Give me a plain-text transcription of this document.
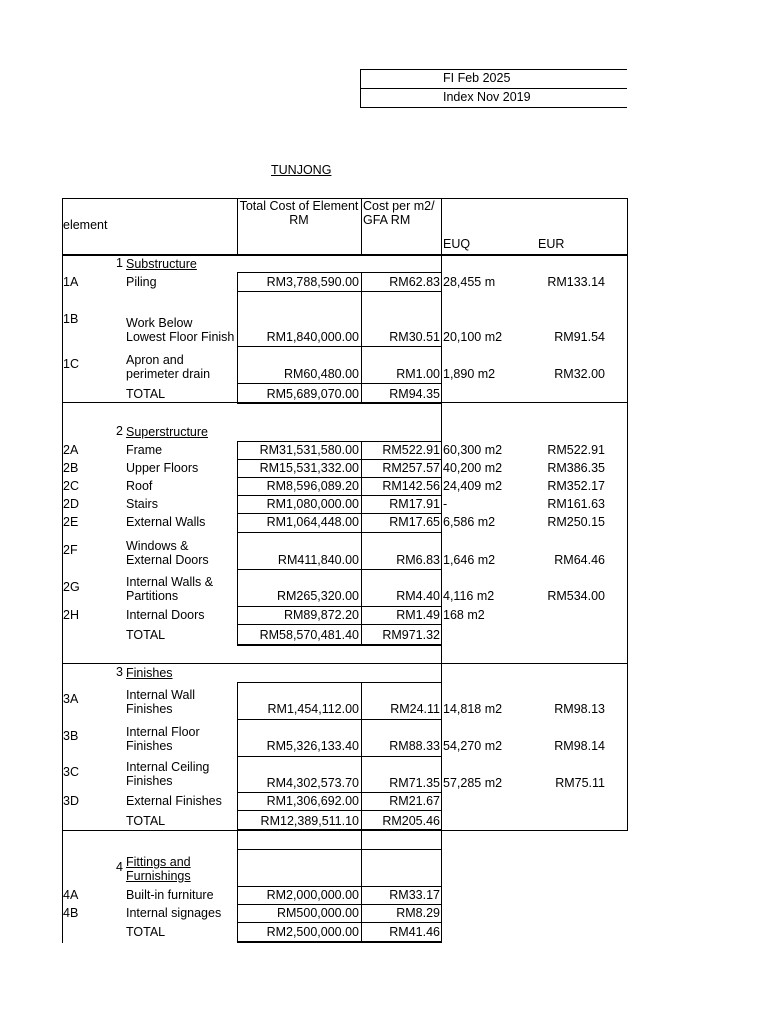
FI Feb 2025
Index Nov 2019
TUNJONG
element
Total Cost of Element
RM
Cost per m2/
GFA RM
EUQ	EUR
1 Substructure
1A	Piling	RM3,788,590.00	RM62.83 28,455 m	RM133.14
1B	Work Below
Lowest Floor Finish	RM1,840,000.00	RM30.51 20,100 m2	RM91.54
1C	Apron and
perimeter drain	RM60,480.00	RM1.00 1,890 m2	RM32.00
TOTAL	RM5,689,070.00	RM94.35
2 Superstructure
2A	Frame	RM31,531,580.00	RM522.91 60,300 m2	RM522.91
2B	Upper Floors	RM15,531,332.00	RM257.57 40,200 m2	RM386.35
2C	Roof	RM8,596,089.20	RM142.56 24,409 m2	RM352.17
2D	Stairs	RM1,080,000.00	RM17.91 -	RM161.63
2E	External Walls	RM1,064,448.00	RM17.65 6,586 m2	RM250.15
2F	Windows &
External Doors	RM411,840.00	RM6.83 1,646 m2	RM64.46
2G	Internal Walls &
Partitions	RM265,320.00	RM4.40 4,116 m2	RM534.00
2H	Internal Doors	RM89,872.20	RM1.49 168 m2
TOTAL	RM58,570,481.40	RM971.32
3 Finishes
3A	Internal Wall
Finishes	RM1,454,112.00	RM24.11 14,818 m2	RM98.13
3B	Internal Floor
Finishes	RM5,326,133.40	RM88.33 54,270 m2	RM98.14
3C	Internal Ceiling
Finishes	RM4,302,573.70	RM71.35 57,285 m2	RM75.11
3D	External Finishes	RM1,306,692.00	RM21.67
TOTAL	RM12,389,511.10	RM205.46
4 Fittings and
Furnishings
4A	Built-in furniture	RM2,000,000.00	RM33.17
4B	Internal signages	RM500,000.00	RM8.29
TOTAL	RM2,500,000.00	RM41.46
